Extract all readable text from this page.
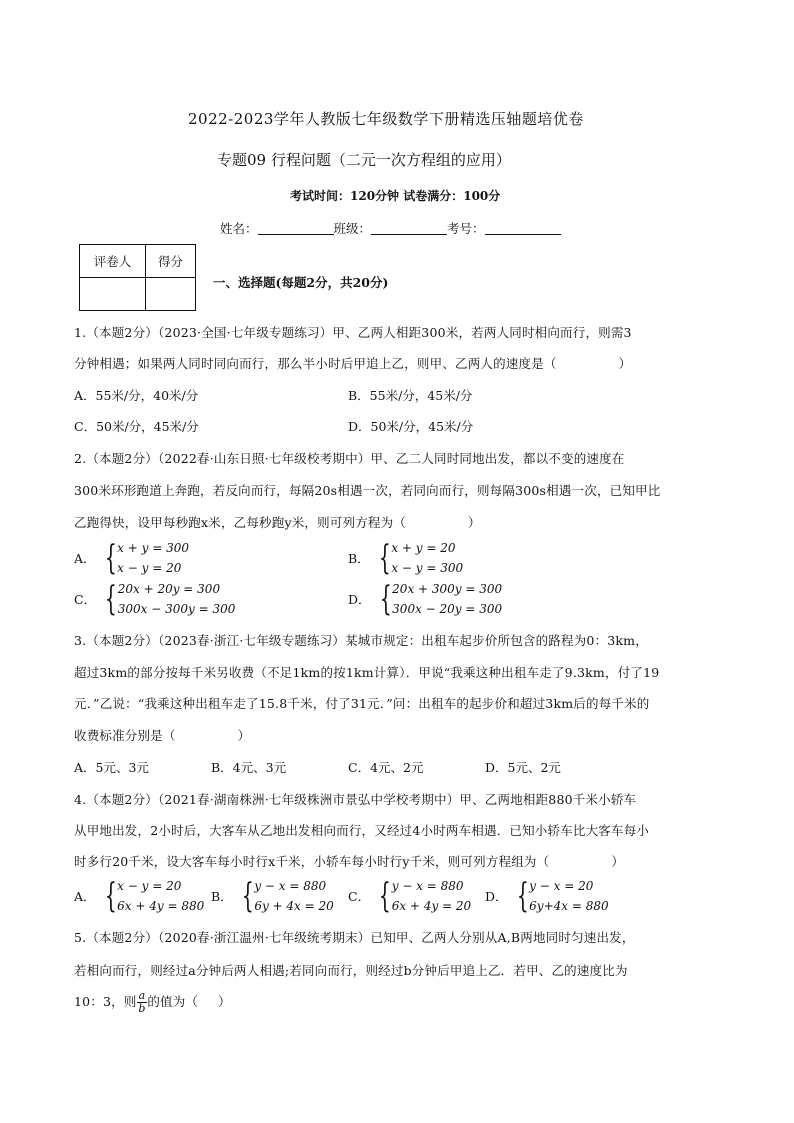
2022-2023学年人教版七年级数学下册精选压轴题培优卷
专题09 行程问题（二元一次方程组的应用）
考试时间：120分钟 试卷满分：100分
姓名：	班级：	考号：
评卷人	得分

一、选择题(每题2分，共20分)
1.（本题2分）（2023·全国·七年级专题练习）甲、乙两人相距300米，若两人同时相向而行，则需3
分钟相遇；如果两人同时同向而行，那么半小时后甲追上乙，则甲、乙两人的速度是（	）
A．55米/分，40米/分	B．55米/分，45米/分
C．50米/分，45米/分	D．50米/分，45米/分
2.（本题2分）（2022春·山东日照·七年级校考期中）甲、乙二人同时同地出发，都以不变的速度在
300米环形跑道上奔跑，若反向而行，每隔20s相遇一次，若同向而行，则每隔300s相遇一次，已知甲比
乙跑得快，设甲每秒跑x米，乙每秒跑y米，则可列方程为（	）
A． { x + y = 300
x − y = 20
B． { x + y = 20
x − y = 300
C． { 20x + 20y = 300
300x − 300y = 300
D． { 20x + 300y = 300
300x − 20y = 300
3.（本题2分）（2023春·浙江·七年级专题练习）某城市规定：出租车起步价所包含的路程为0：3km，
超过3km的部分按每千米另收费（不足1km的按1km计算）．甲说“我乘这种出租车走了9.3km，付了19
元．”乙说：“我乘这种出租车走了15.8千米，付了31元．”问：出租车的起步价和超过3km后的每千米的
收费标准分别是（	）
A．5元、3元	B．4元、3元	C．4元、2元	D．5元、2元
4.（本题2分）（2021春·湖南株洲·七年级株洲市景弘中学校考期中）甲、乙两地相距880千米小轿车
从甲地出发，2小时后，大客车从乙地出发相向而行，又经过4小时两车相遇．已知小轿车比大客车每小
时多行20千米，设大客车每小时行x千米，小轿车每小时行y千米，则可列方程组为（	）
A． { x − y = 20
6x + 4y = 880
B． { y − x = 880
6y + 4x = 20
C． { y − x = 880
6x + 4y = 20
D． { y − x = 20
6y+4x = 880
5.（本题2分）（2020春·浙江温州·七年级统考期末）已知甲、乙两人分别从A,B两地同时匀速出发，
若相向而行，则经过a分钟后两人相遇;若同向而行，则经过b分钟后甲追上乙．若甲、乙的速度比为
10：3，则 $\frac{a}{b}$ 的值为（ ）
